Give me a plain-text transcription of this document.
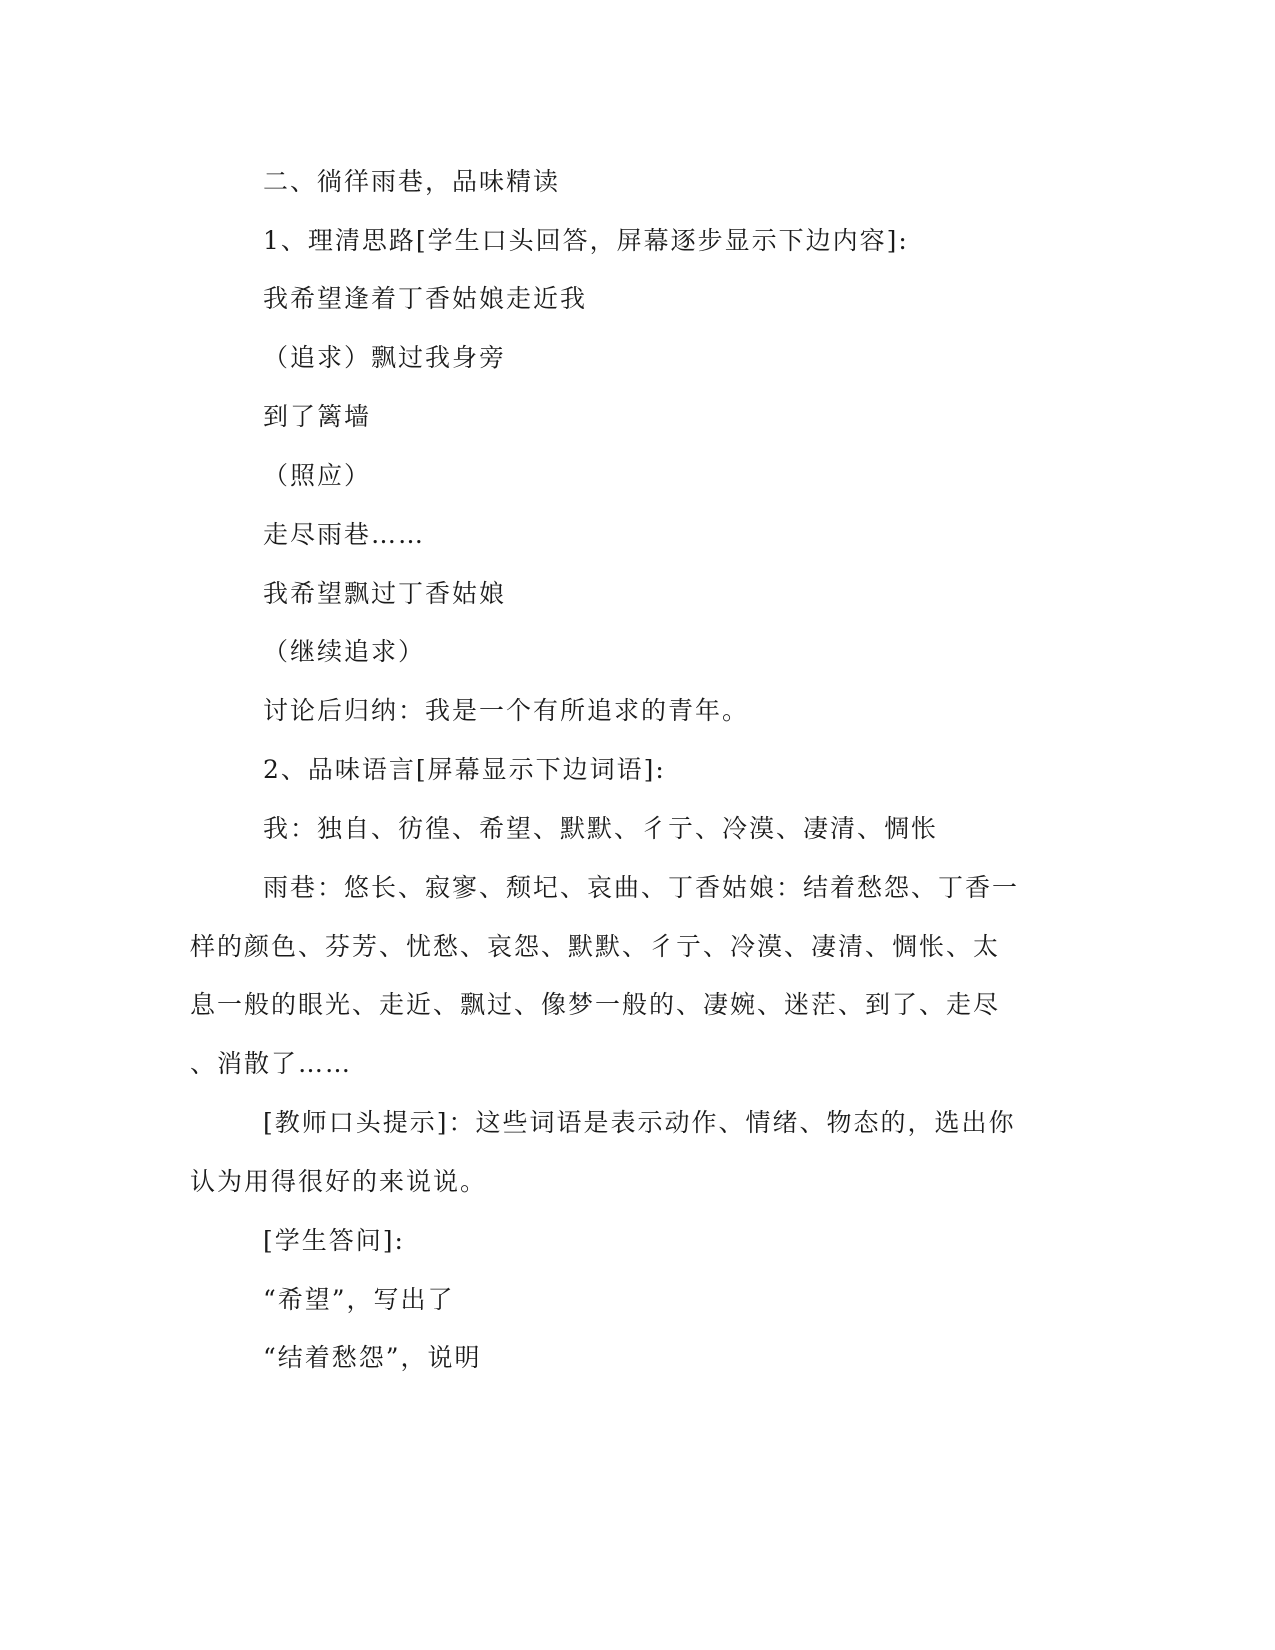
二、徜徉雨巷，品味精读

1、理清思路[学生口头回答，屏幕逐步显示下边内容]:

我希望逢着丁香姑娘走近我

（追求）飘过我身旁

到了篱墙

（照应）

走尽雨巷……

我希望飘过丁香姑娘

（继续追求）

讨论后归纳：我是一个有所追求的青年。

2、品味语言[屏幕显示下边词语]:

我：独自、彷徨、希望、默默、彳亍、冷漠、凄清、惆怅

雨巷：悠长、寂寥、颓圮、哀曲、丁香姑娘：结着愁怨、丁香一

样的颜色、芬芳、忧愁、哀怨、默默、彳亍、冷漠、凄清、惆怅、太

息一般的眼光、走近、飘过、像梦一般的、凄婉、迷茫、到了、走尽

、消散了……

[教师口头提示]：这些词语是表示动作、情绪、物态的，选出你

认为用得很好的来说说。

[学生答问]:

“希望”，写出了

“结着愁怨”，说明
